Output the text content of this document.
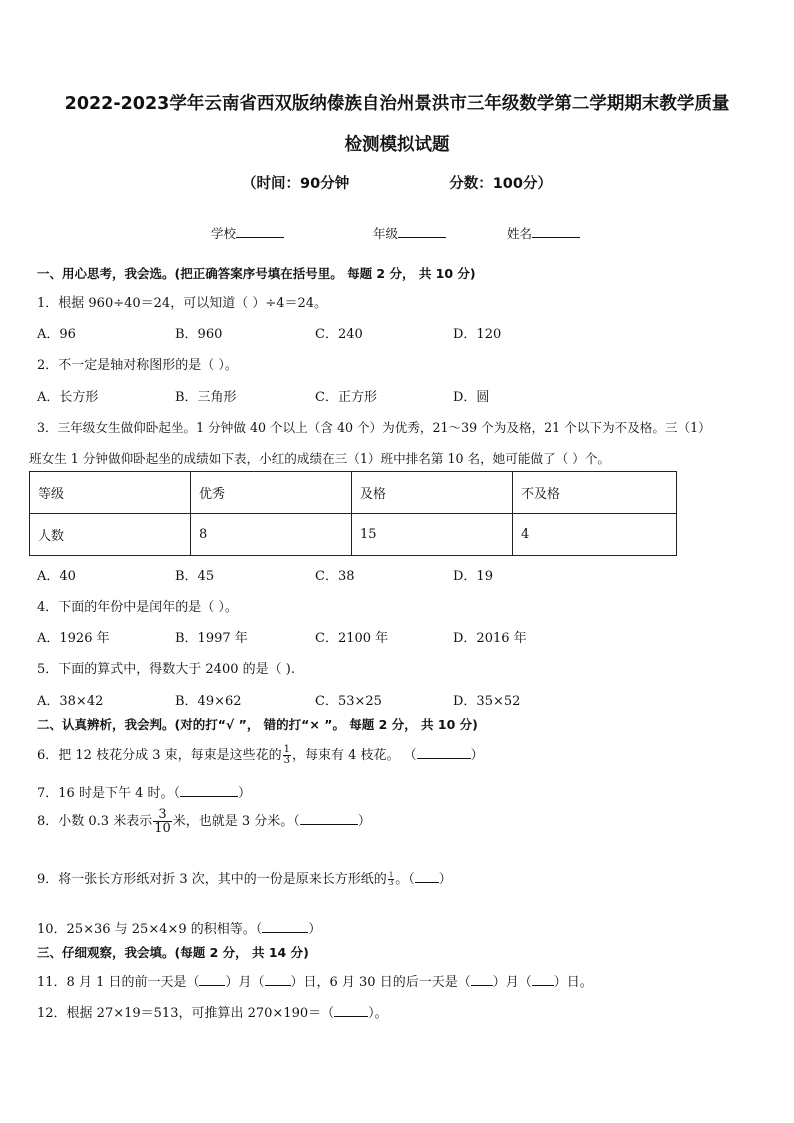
2022-2023学年云南省西双版纳傣族自治州景洪市三年级数学第二学期期末教学质量
检测模拟试题
（时间：90分钟	分数：100分）
学校	年级	姓名
一、用心思考，我会选。(把正确答案序号填在括号里。 每题 2 分， 共 10 分)
1．根据 960÷40＝24，可以知道（ ）÷4＝24。
A．96	B．960	C．240	D．120
2．不一定是轴对称图形的是（ ）。
A．长方形	B．三角形	C．正方形	D．圆
3．三年级女生做仰卧起坐。1 分钟做 40 个以上（含 40 个）为优秀，21～39 个为及格，21 个以下为不及格。三（1）
班女生 1 分钟做仰卧起坐的成绩如下表，小红的成绩在三（1）班中排名第 10 名，她可能做了（ ）个。
等级	优秀	及格	不及格
人数	8	15	4
A．40	B．45	C．38	D．19
4．下面的年份中是闰年的是（ ）。
A．1926 年	B．1997 年	C．2100 年	D．2016 年
5．下面的算式中，得数大于 2400 的是（ ).
A．38×42	B．49×62	C．53×25	D．35×52
二、认真辨析，我会判。(对的打“√ ”， 错的打“× ”。 每题 2 分， 共 10 分)
6．把 12 枝花分成 3 束，每束是这些花的 $\frac{1}{3}$ ，每束有 4 枝花。 （	）
7．16 时是下午 4 时。（	）
8．小数 0.3 米表示 $\frac{3}{10}$ 米，也就是 3 分米。（	）
9．将一张长方形纸对折 3 次，其中的一份是原来长方形纸的 $\frac{1}{3}$ 。（ ）
10．25×36 与 25×4×9 的积相等。（	）
三、仔细观察，我会填。(每题 2 分， 共 14 分)
11．8 月 1 日的前一天是（ ）月（ ）日，6 月 30 日的后一天是（ ）月（ ）日。
12．根据 27×19＝513，可推算出 270×190＝（	）。
